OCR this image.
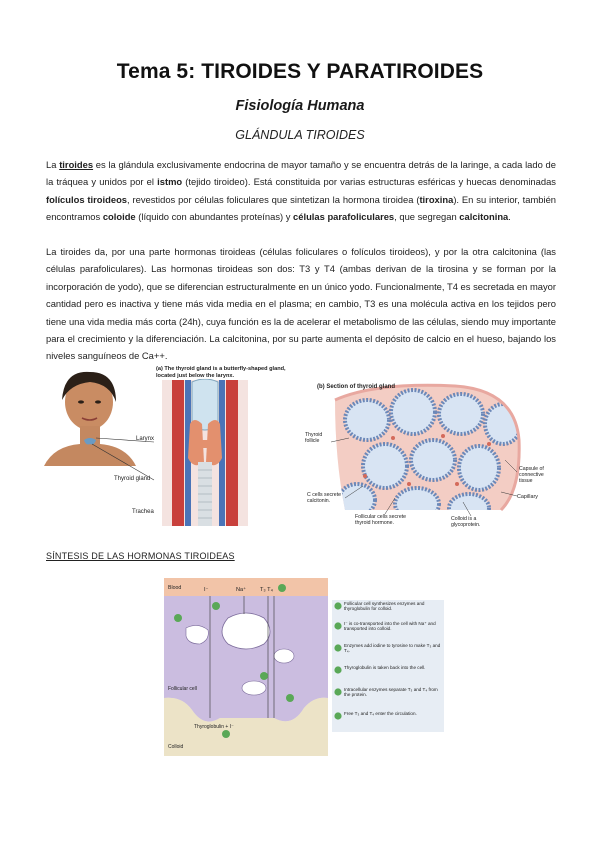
Tema 5: TIROIDES Y PARATIROIDES
Fisiología Humana
GLÁNDULA TIROIDES

La tiroides es la glándula exclusivamente endocrina de mayor tamaño y se encuentra detrás de la laringe, a cada lado de la tráquea y unidos por el istmo (tejido tiroideo). Está constituida por varias estructuras esféricas y huecas denominadas folículos tiroideos, revestidos por células foliculares que sintetizan la hormona tiroidea (tiroxina). En su interior, también encontramos coloide (líquido con abundantes proteínas) y células parafoliculares, que segregan calcitonina.

La tiroides da, por una parte hormonas tiroideas (células foliculares o folículos tiroideos), y por la otra calcitonina (las células parafoliculares). Las hormonas tiroideas son dos: T3 y T4 (ambas derivan de la tirosina y se forman por la incorporación de yodo), que se diferencian estructuralmente en un único yodo. Funcionalmente, T4 es secretada en mayor cantidad pero es inactiva y tiene más vida media en el plasma; en cambio, T3 es una molécula activa en los tejidos pero tiene una vida media más corta (24h), cuya función es la de acelerar el metabolismo de las células, siendo muy importante para el crecimiento y la diferenciación. La calcitonina, por su parte aumenta el depósito de calcio en el hueso, bajando los niveles sanguíneos de Ca++.

(a) The thyroid gland is a butterfly-shaped gland, located just below the larynx.
Larynx
Thyroid gland
Trachea
(b) Section of thyroid gland
Thyroid follicle
Capsule of connective tissue
Capillary
C cells secrete calcitonin.
Follicular cells secrete thyroid hormone.
Colloid is a glycoprotein.
SÍNTESIS DE LAS HORMONAS TIROIDEAS
Blood	I⁻	Na⁺ T₃ T₄
Follicular cell
Colloid
Thyroglobulin + I⁻
Follicular cell synthesizes enzymes and thyroglobulin for colloid.
I⁻ is co-transported into the cell with Na⁺ and transported into colloid.
Enzymes add iodine to tyrosine to make T₃ and T₄.
Thyroglobulin is taken back into the cell.
Intracellular enzymes separate T₃ and T₄ from the protein.
Free T₃ and T₄ enter the circulation.
